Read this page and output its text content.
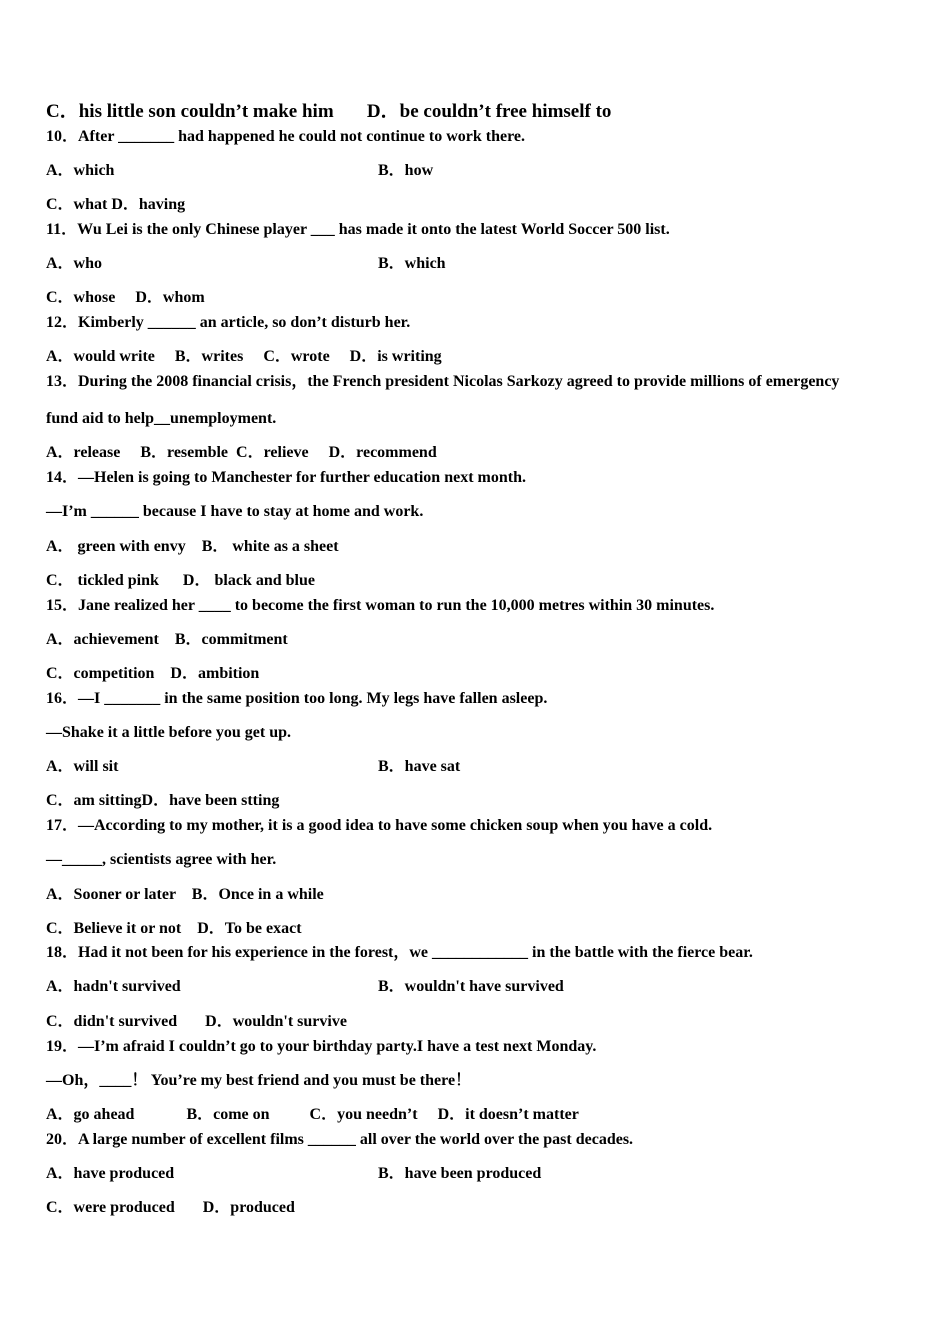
C．his little son couldn’t make him       D．be couldn’t free himself to
10．After _______ had happened he could not continue to work there.
A．which	B．how
C．what D．having
11．Wu Lei is the only Chinese player ___ has made it onto the latest World Soccer 500 list.
A．who	B．which
C．whose     D．whom
12．Kimberly ______ an article, so don’t disturb her.
A．would write     B．writes     C．wrote     D．is writing
13．During the 2008 financial crisis，the French president Nicolas Sarkozy agreed to provide millions of emergency
fund aid to help__unemployment.
A．release     B．resemble  C．relieve     D．recommend
14．—Helen is going to Manchester for further education next month.
—I’m ______ because I have to stay at home and work.
A． green with envy    B． white as a sheet
C． tickled pink      D． black and blue
15．Jane realized her ____ to become the first woman to run the 10,000 metres within 30 minutes.
A．achievement    B．commitment
C．competition    D．ambition
16．—I _______ in the same position too long. My legs have fallen asleep.
—Shake it a little before you get up.
A．will sit	B．have sat
C．am sittingD．have been stting
17．—According to my mother, it is a good idea to have some chicken soup when you have a cold.
—_____, scientists agree with her.
A．Sooner or later    B．Once in a while
C．Believe it or not    D．To be exact
18．Had it not been for his experience in the forest，we ____________ in the battle with the fierce bear.
A．hadn't survived	B．wouldn't have survived
C．didn't survived       D．wouldn't survive
19．—I’m afraid I couldn’t go to your birthday party.I have a test next Monday.
—Oh，____！ You’re my best friend and you must be there！
A．go ahead             B．come on          C．you needn’t     D．it doesn’t matter
20．A large number of excellent films ______ all over the world over the past decades.
A．have produced	B．have been produced
C．were produced       D．produced
